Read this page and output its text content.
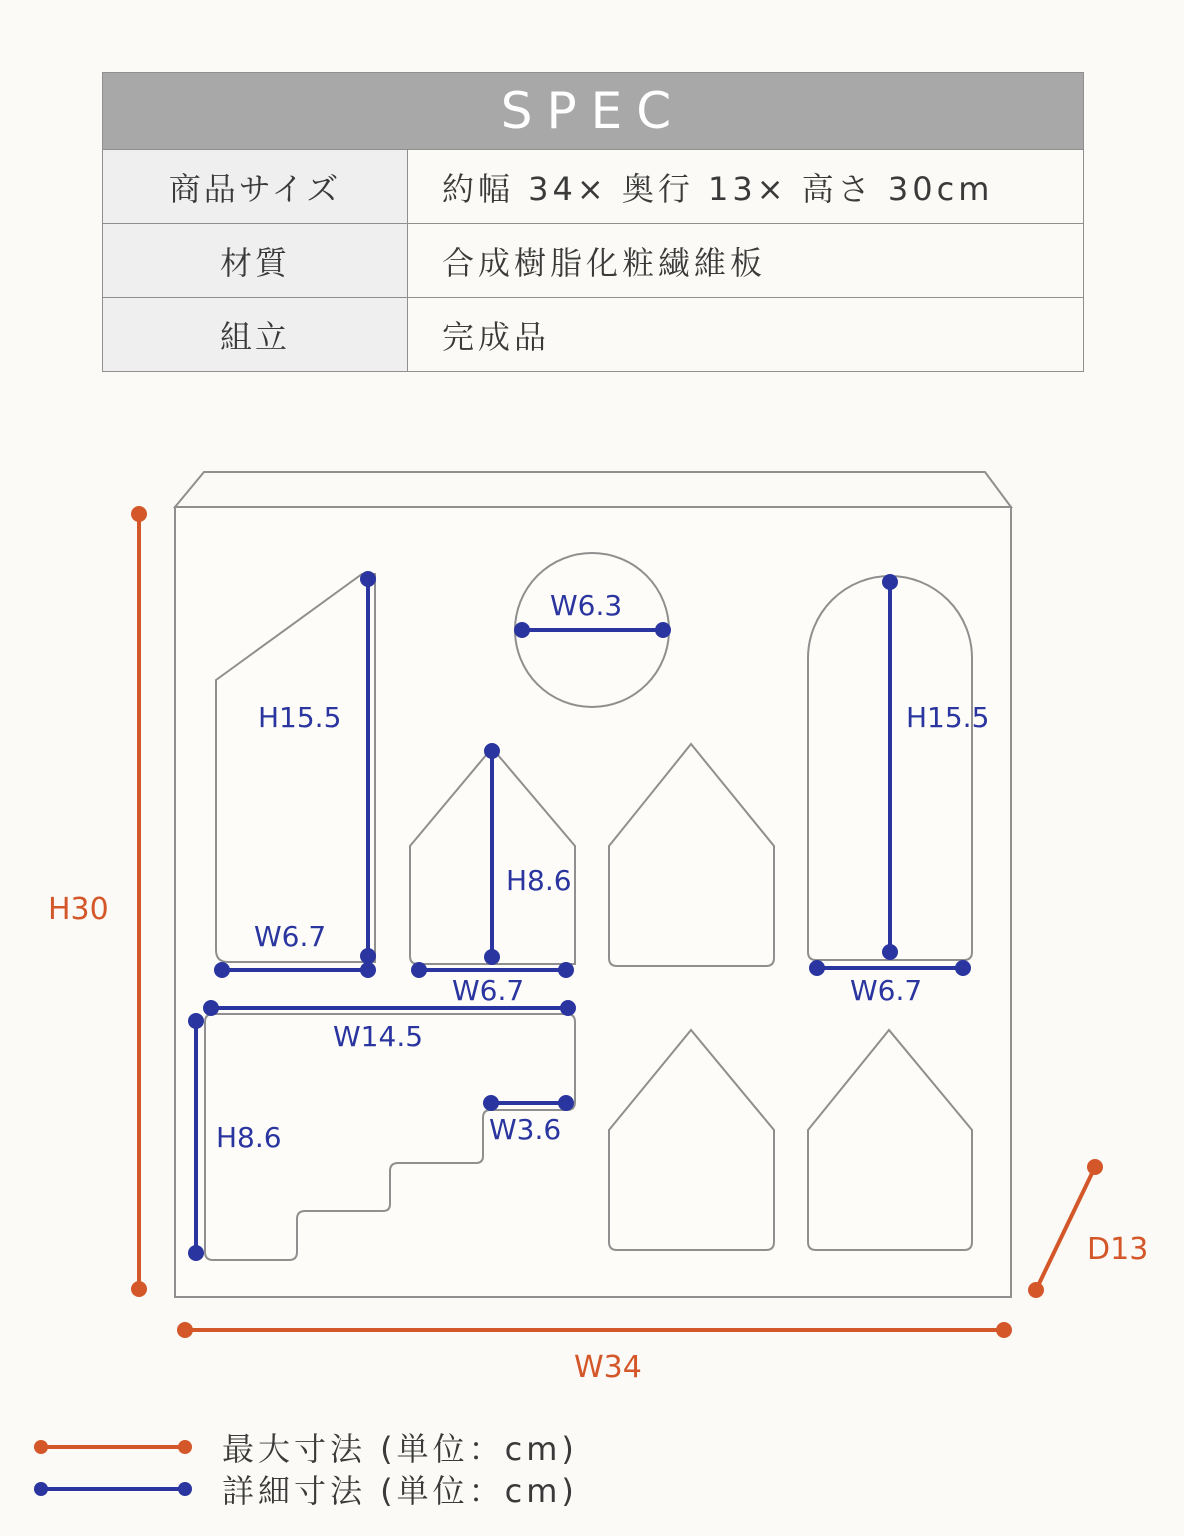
SPEC
商品サイズ	約幅 34× 奥行 13× 高さ 30cm
材質	合成樹脂化粧繊維板
組立	完成品
H15.5
W6.7
W6.3
H8.6
W6.7
H15.5
W6.7
W14.5
H8.6	W3.6
H30
W34
D13
最大寸法 (単位：cm)
詳細寸法 (単位：cm)
